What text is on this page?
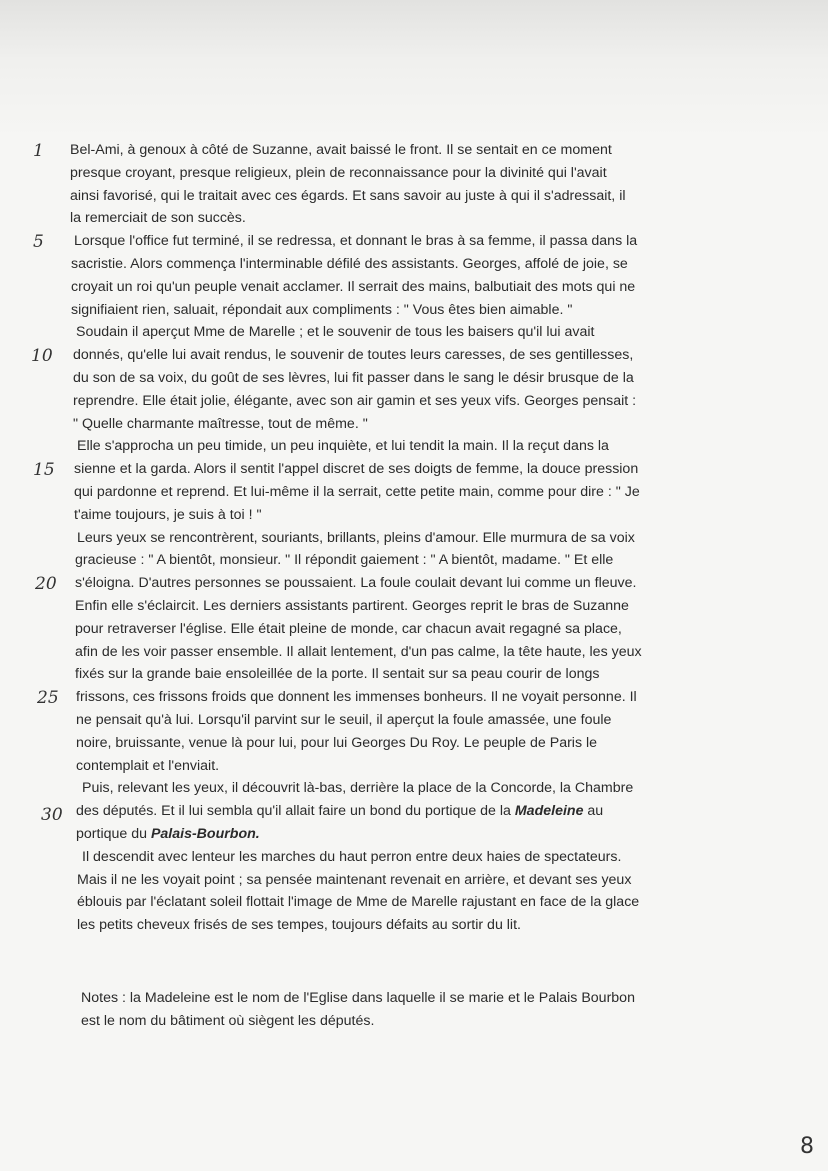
1
5
10
15
20
25
30
Bel-Ami, à genoux à côté de Suzanne, avait baissé le front. Il se sentait en ce moment
presque croyant, presque religieux, plein de reconnaissance pour la divinité qui l'avait
ainsi favorisé, qui le traitait avec ces égards. Et sans savoir au juste à qui il s'adressait, il
la remerciait de son succès.
Lorsque l'office fut terminé, il se redressa, et donnant le bras à sa femme, il passa dans la
sacristie. Alors commença l'interminable défilé des assistants. Georges, affolé de joie, se
croyait un roi qu'un peuple venait acclamer. Il serrait des mains, balbutiait des mots qui ne
signifiaient rien, saluait, répondait aux compliments : " Vous êtes bien aimable. "
Soudain il aperçut Mme de Marelle ; et le souvenir de tous les baisers qu'il lui avait
donnés, qu'elle lui avait rendus, le souvenir de toutes leurs caresses, de ses gentillesses,
du son de sa voix, du goût de ses lèvres, lui fit passer dans le sang le désir brusque de la
reprendre. Elle était jolie, élégante, avec son air gamin et ses yeux vifs. Georges pensait :
" Quelle charmante maîtresse, tout de même. "
Elle s'approcha un peu timide, un peu inquiète, et lui tendit la main. Il la reçut dans la
sienne et la garda. Alors il sentit l'appel discret de ses doigts de femme, la douce pression
qui pardonne et reprend. Et lui-même il la serrait, cette petite main, comme pour dire : " Je
t'aime toujours, je suis à toi ! "
Leurs yeux se rencontrèrent, souriants, brillants, pleins d'amour. Elle murmura de sa voix
gracieuse : " A bientôt, monsieur. " Il répondit gaiement : " A bientôt, madame. " Et elle
s'éloigna. D'autres personnes se poussaient. La foule coulait devant lui comme un fleuve.
Enfin elle s'éclaircit. Les derniers assistants partirent. Georges reprit le bras de Suzanne
pour retraverser l'église. Elle était pleine de monde, car chacun avait regagné sa place,
afin de les voir passer ensemble. Il allait lentement, d'un pas calme, la tête haute, les yeux
fixés sur la grande baie ensoleillée de la porte. Il sentait sur sa peau courir de longs
frissons, ces frissons froids que donnent les immenses bonheurs. Il ne voyait personne. Il
ne pensait qu'à lui. Lorsqu'il parvint sur le seuil, il aperçut la foule amassée, une foule
noire, bruissante, venue là pour lui, pour lui Georges Du Roy. Le peuple de Paris le
contemplait et l'enviait.
Puis, relevant les yeux, il découvrit là-bas, derrière la place de la Concorde, la Chambre
des députés. Et il lui sembla qu'il allait faire un bond du portique de la Madeleine au
portique du Palais-Bourbon.
Il descendit avec lenteur les marches du haut perron entre deux haies de spectateurs.
Mais il ne les voyait point ; sa pensée maintenant revenait en arrière, et devant ses yeux
éblouis par l'éclatant soleil flottait l'image de Mme de Marelle rajustant en face de la glace
les petits cheveux frisés de ses tempes, toujours défaits au sortir du lit.
Notes : la Madeleine est le nom de l'Eglise dans laquelle il se marie et le Palais Bourbon
est le nom du bâtiment où siègent les députés.
8
